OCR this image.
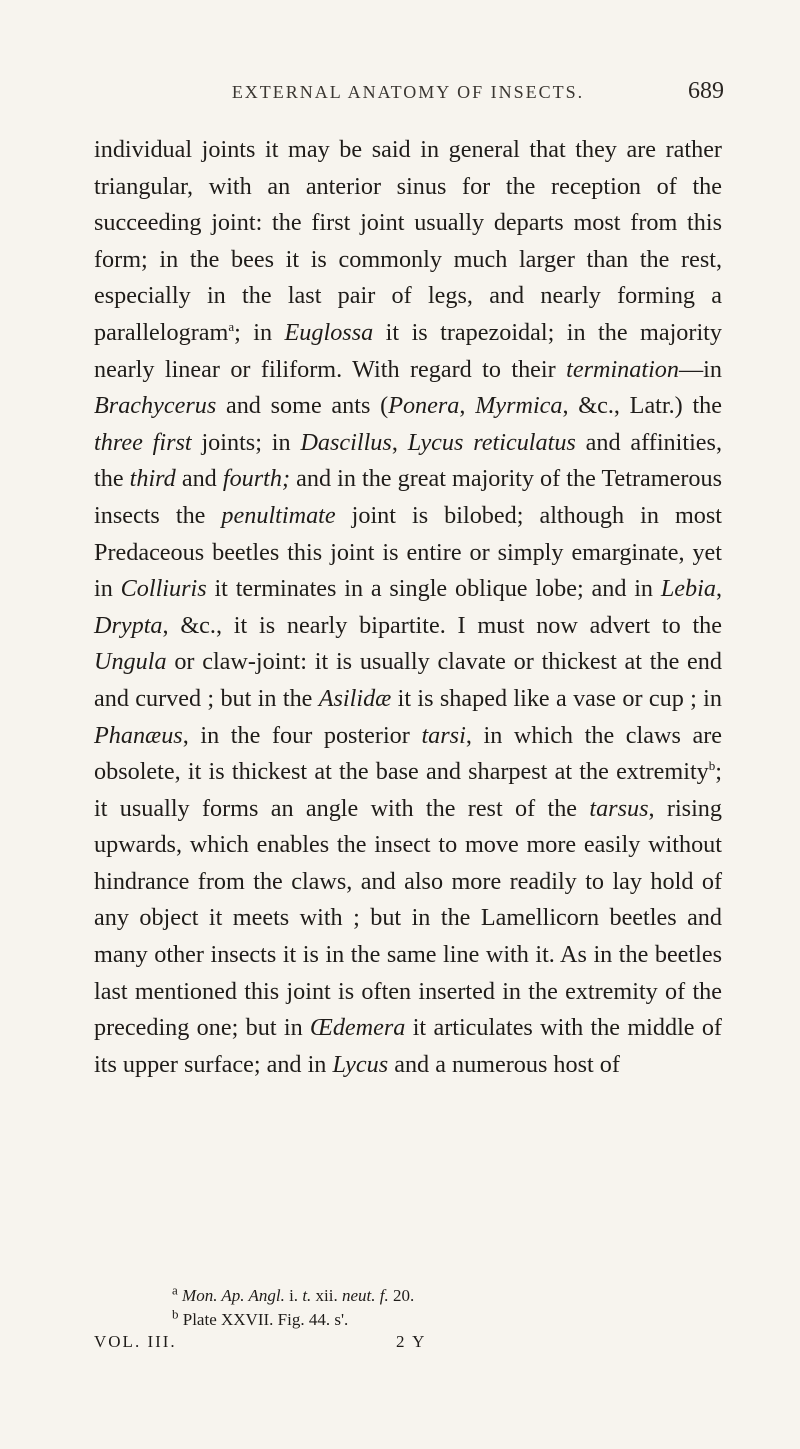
EXTERNAL ANATOMY OF INSECTS.	689

individual joints it may be said in general that they are rather triangular, with an anterior sinus for the reception of the succeeding joint: the first joint usually departs most from this form; in the bees it is commonly much larger than the rest, especially in the last pair of legs, and nearly forming a parallelogram$^a$; in Euglossa it is trapezoidal; in the majority nearly linear or filiform. With regard to their termination—in Brachycerus and some ants (Ponera, Myrmica, &c., Latr.) the three first joints; in Dascillus, Lycus reticulatus and affinities, the third and fourth; and in the great majority of the Tetramerous insects the penultimate joint is bilobed; although in most Predaceous beetles this joint is entire or simply emarginate, yet in Colliuris it terminates in a single oblique lobe; and in Lebia, Drypta, &c., it is nearly bipartite. I must now advert to the Ungula or claw-joint: it is usually clavate or thickest at the end and curved ; but in the Asilidæ it is shaped like a vase or cup ; in Phanæus, in the four posterior tarsi, in which the claws are obsolete, it is thickest at the base and sharpest at the extremity$^b$; it usually forms an angle with the rest of the tarsus, rising upwards, which enables the insect to move more easily without hindrance from the claws, and also more readily to lay hold of any object it meets with ; but in the Lamellicorn beetles and many other insects it is in the same line with it. As in the beetles last mentioned this joint is often inserted in the extremity of the preceding one; but in Œdemera it articulates with the middle of its upper surface; and in Lycus and a numerous host of

$^a$ Mon. Ap. Angl. i. t. xii. neut. f. 20.

$^b$ Plate XXVII. Fig. 44. s'.

VOL. III.	2 Y
